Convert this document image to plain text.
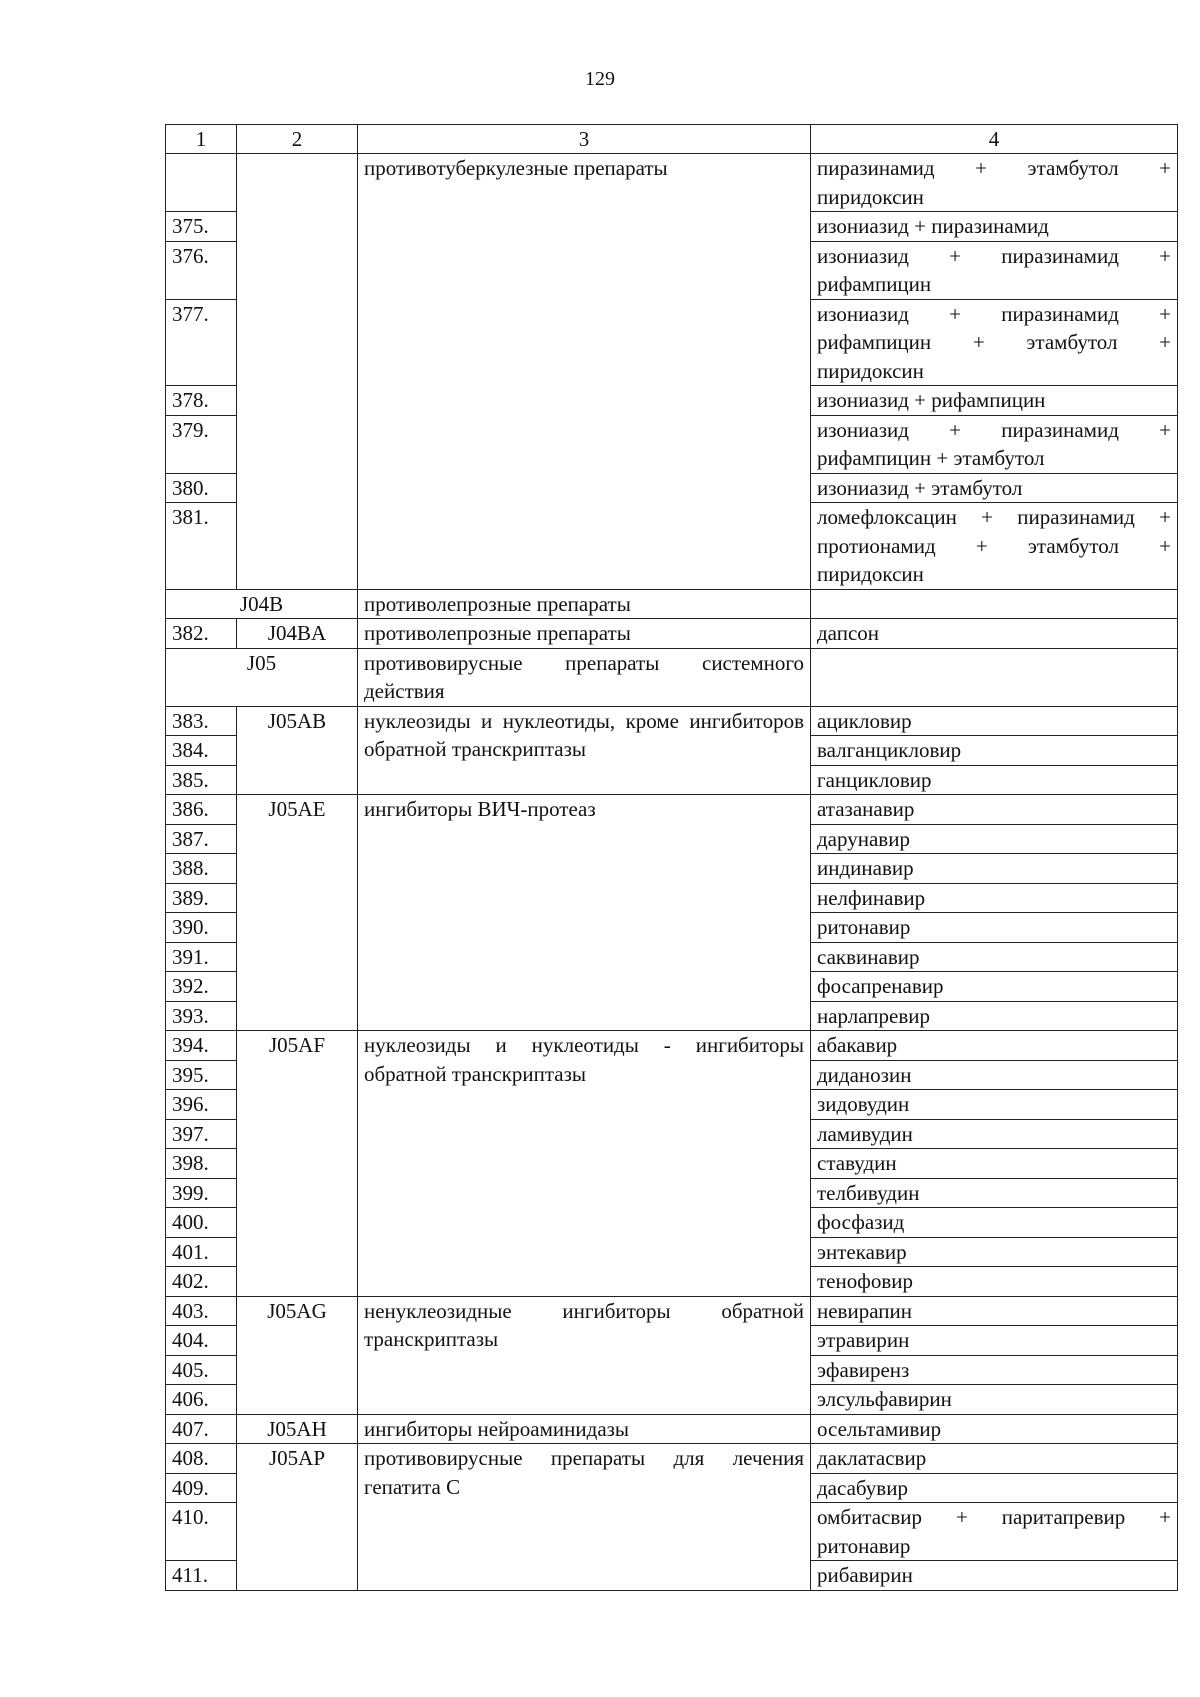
129
1	2	3	4
		противотуберкулезные препараты	пиразинамид + этамбутол + пиридоксин
375.			изониазид + пиразинамид
376.			изониазид + пиразинамид + рифампицин
377.			изониазид + пиразинамид + рифампицин + этамбутол + пиридоксин
378.			изониазид + рифампицин
379.			изониазид + пиразинамид + рифампицин + этамбутол
380.			изониазид + этамбутол
381.			ломефлоксацин + пиразинамид + протионамид + этамбутол + пиридоксин
J04B		противолепрозные препараты	
382.	J04BA	противолепрозные препараты	дапсон
J05		противовирусные препараты системного действия	
383.	J05AB	нуклеозиды и нуклеотиды, кроме ингибиторов обратной транскриптазы	ацикловир
384.			валганцикловир
385.			ганцикловир
386.	J05AE	ингибиторы ВИЧ-протеаз	атазанавир
387.			дарунавир
388.			индинавир
389.			нелфинавир
390.			ритонавир
391.			саквинавир
392.			фосапренавир
393.			нарлапревир
394.	J05AF	нуклеозиды и нуклеотиды - ингибиторы обратной транскриптазы	абакавир
395.			диданозин
396.			зидовудин
397.			ламивудин
398.			ставудин
399.			телбивудин
400.			фосфазид
401.			энтекавир
402.			тенофовир
403.	J05AG	ненуклеозидные ингибиторы обратной транскриптазы	невирапин
404.			этравирин
405.			эфавиренз
406.			элсульфавирин
407.	J05AH	ингибиторы нейроаминидазы	осельтамивир
408.	J05AP	противовирусные препараты для лечения гепатита С	даклатасвир
409.			дасабувир
410.			омбитасвир + паритапревир + ритонавир
411.			рибавирин
